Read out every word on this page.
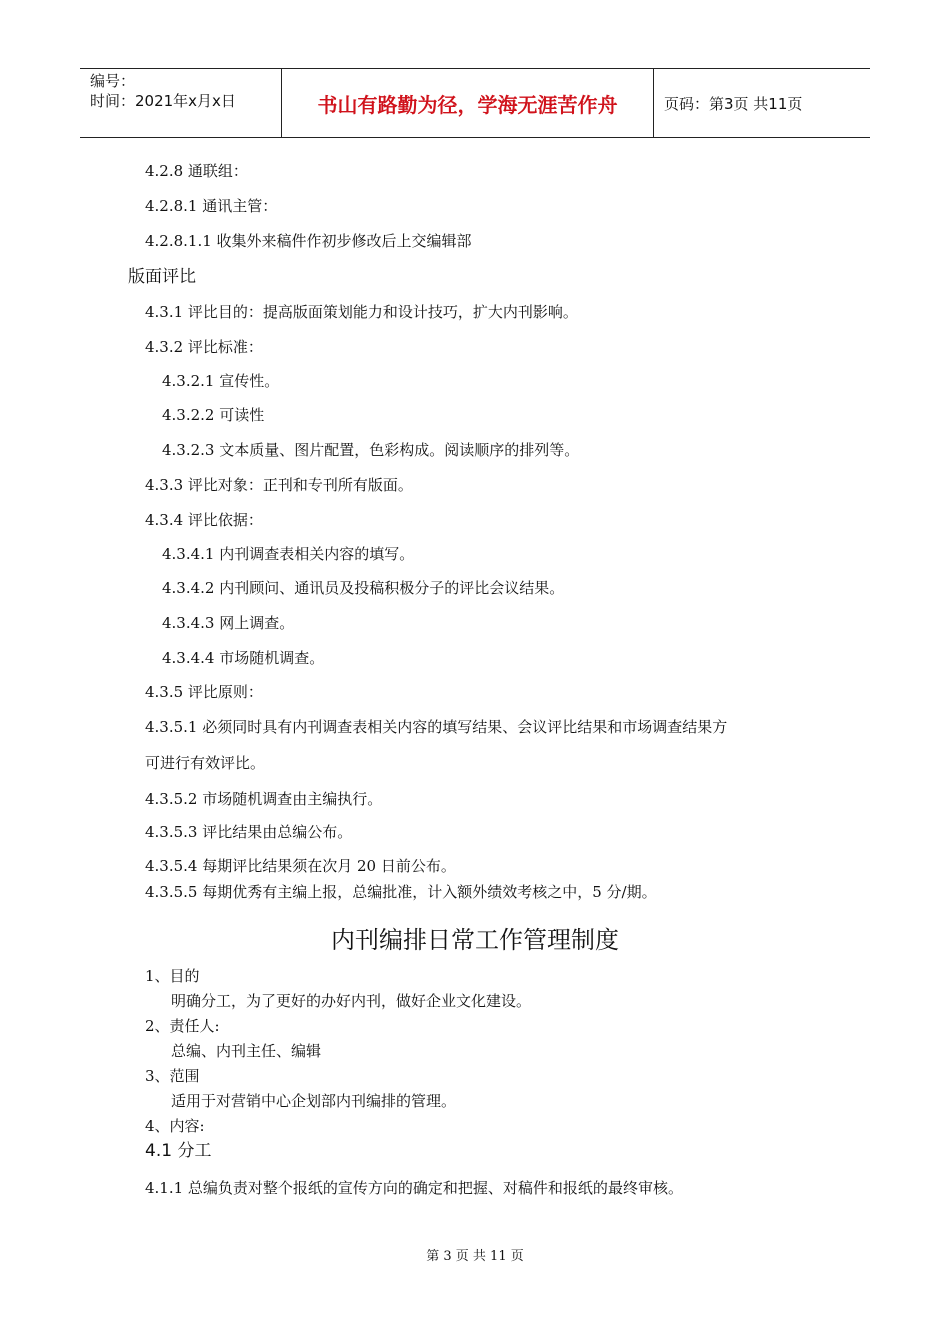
编号：
时间：2021年x月x日	书山有路勤为径，学海无涯苦作舟	页码：第3页 共11页
4.2.8 通联组：
4.2.8.1 通讯主管：
4.2.8.1.1 收集外来稿件作初步修改后上交编辑部
版面评比
4.3.1 评比目的：提高版面策划能力和设计技巧，扩大内刊影响。
4.3.2 评比标准：
4.3.2.1 宣传性。
4.3.2.2 可读性
4.3.2.3 文本质量、图片配置，色彩构成。阅读顺序的排列等。
4.3.3 评比对象：正刊和专刊所有版面。
4.3.4 评比依据：
4.3.4.1 内刊调查表相关内容的填写。
4.3.4.2 内刊顾问、通讯员及投稿积极分子的评比会议结果。
4.3.4.3 网上调查。
4.3.4.4 市场随机调查。
4.3.5 评比原则：
4.3.5.1 必须同时具有内刊调查表相关内容的填写结果、会议评比结果和市场调查结果方
可进行有效评比。
4.3.5.2 市场随机调查由主编执行。
4.3.5.3 评比结果由总编公布。
4.3.5.4 每期评比结果须在次月 20 日前公布。
4.3.5.5 每期优秀有主编上报，总编批准，计入额外绩效考核之中，5 分/期。
内刊编排日常工作管理制度
1、目的
明确分工，为了更好的办好内刊，做好企业文化建设。
2、责任人:
总编、内刊主任、编辑
3、范围
适用于对营销中心企划部内刊编排的管理。
4、内容:
4.1 分工
4.1.1 总编负责对整个报纸的宣传方向的确定和把握、对稿件和报纸的最终审核。
第 3 页 共 11 页
